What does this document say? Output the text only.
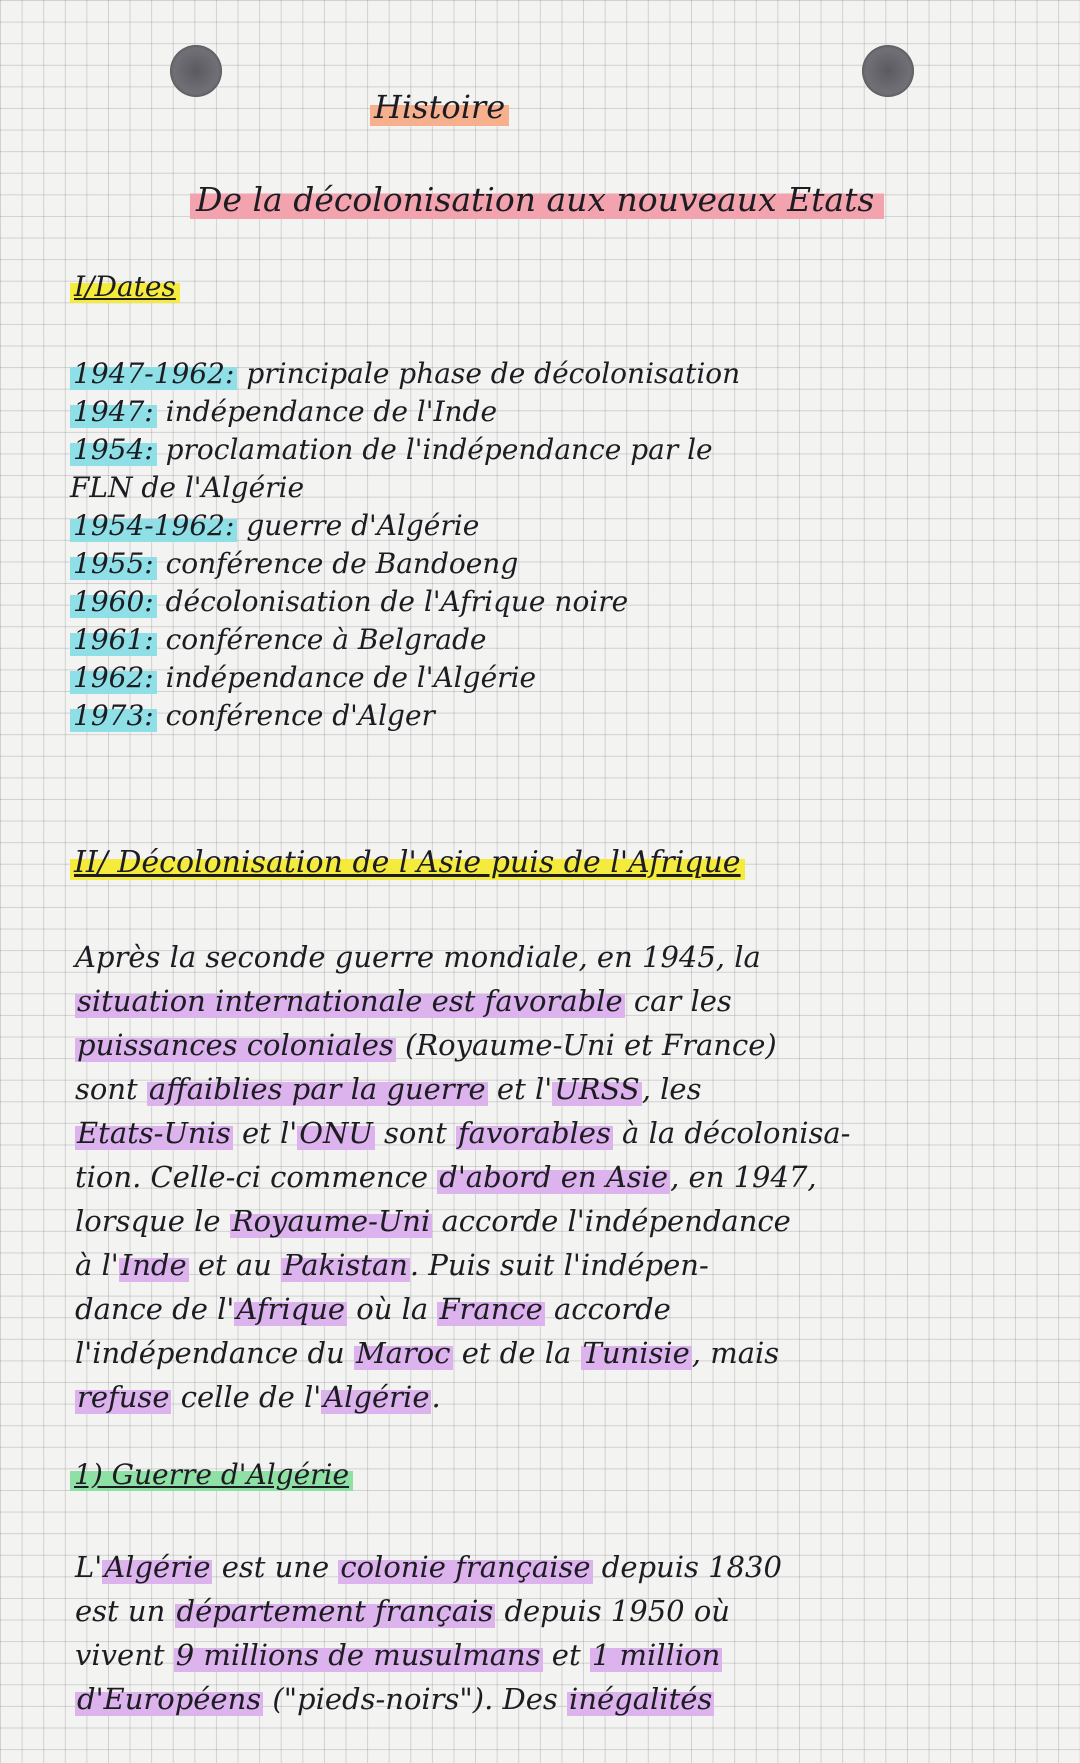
Histoire
De la décolonisation aux nouveaux Etats
I/Dates
1947-1962: principale phase de décolonisation
1947: indépendance de l'Inde
1954: proclamation de l'indépendance par le
FLN de l'Algérie
1954-1962: guerre d'Algérie
1955: conférence de Bandoeng
1960: décolonisation de l'Afrique noire
1961: conférence à Belgrade
1962: indépendance de l'Algérie
1973: conférence d'Alger
II/ Décolonisation de l'Asie puis de l'Afrique
Après la seconde guerre mondiale, en 1945, la
situation internationale est favorable car les
puissances coloniales (Royaume-Uni et France)
sont affaiblies par la guerre et l'URSS, les
Etats-Unis et l'ONU sont favorables à la décolonisa-
tion. Celle-ci commence d'abord en Asie, en 1947,
lorsque le Royaume-Uni accorde l'indépendance
à l'Inde et au Pakistan. Puis suit l'indépen-
dance de l'Afrique où la France accorde
l'indépendance du Maroc et de la Tunisie, mais
refuse celle de l'Algérie.
1) Guerre d'Algérie
L'Algérie est une colonie française depuis 1830
est un département français depuis 1950 où
vivent 9 millions de musulmans et 1 million
d'Européens ("pieds-noirs"). Des inégalités
